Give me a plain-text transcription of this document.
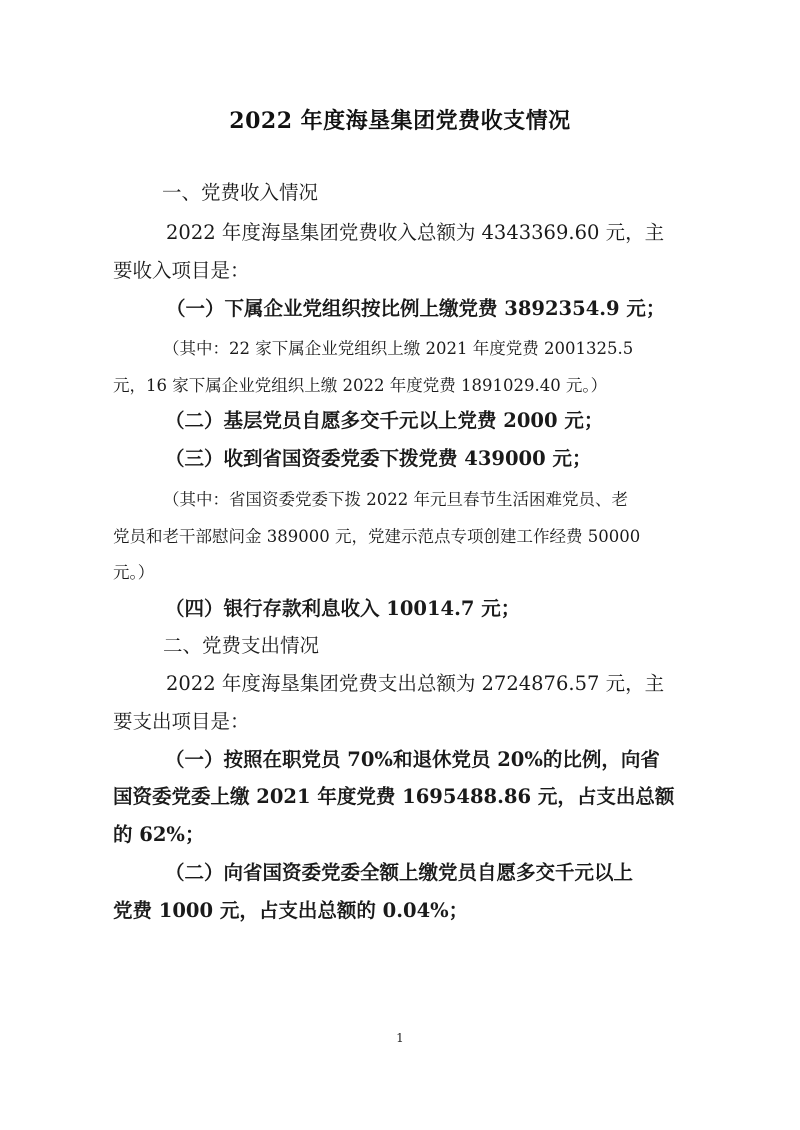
2022 年度海垦集团党费收支情况
一、党费收入情况
2022 年度海垦集团党费收入总额为 4343369.60 元，主
要收入项目是：
（一）下属企业党组织按比例上缴党费 3892354.9 元；
（其中：22 家下属企业党组织上缴 2021 年度党费 2001325.5
元，16 家下属企业党组织上缴 2022 年度党费 1891029.40 元。）
（二）基层党员自愿多交千元以上党费 2000 元；
（三）收到省国资委党委下拨党费 439000 元；
（其中：省国资委党委下拨 2022 年元旦春节生活困难党员、老
党员和老干部慰问金 389000 元，党建示范点专项创建工作经费 50000
元。）
（四）银行存款利息收入 10014.7 元；
二、党费支出情况
2022 年度海垦集团党费支出总额为 2724876.57 元，主
要支出项目是：
（一）按照在职党员 70%和退休党员 20%的比例，向省
国资委党委上缴 2021 年度党费 1695488.86 元，占支出总额
的 62%；
（二）向省国资委党委全额上缴党员自愿多交千元以上
党费 1000 元，占支出总额的 0.04%；
1
